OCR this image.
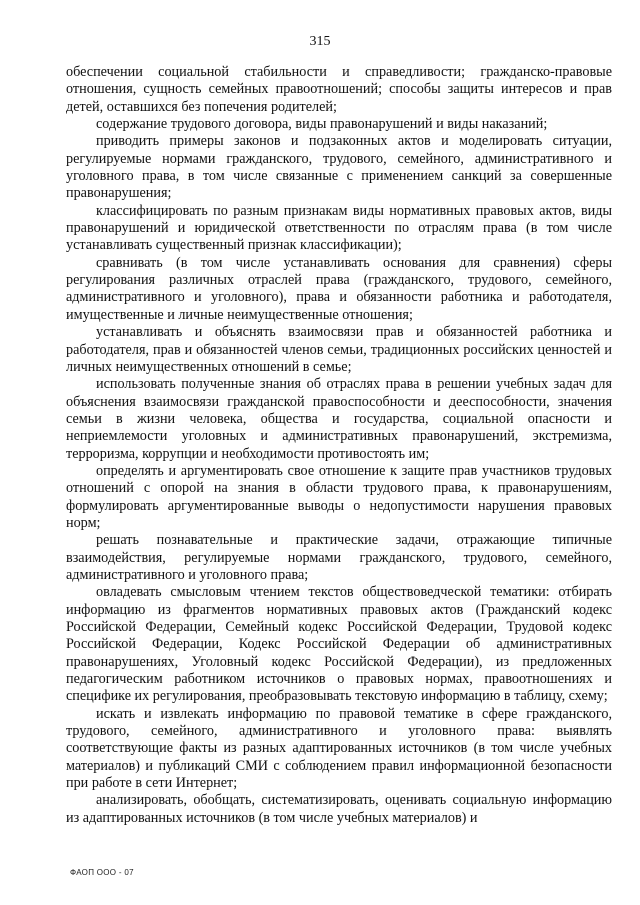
315

обеспечении социальной стабильности и справедливости; гражданско-правовые отношения, сущность семейных правоотношений; способы защиты интересов и прав детей, оставшихся без попечения родителей;

содержание трудового договора, виды правонарушений и виды наказаний;

приводить примеры законов и подзаконных актов и моделировать ситуации, регулируемые нормами гражданского, трудового, семейного, административного и уголовного права, в том числе связанные с применением санкций за совершенные правонарушения;

классифицировать по разным признакам виды нормативных правовых актов, виды правонарушений и юридической ответственности по отраслям права (в том числе устанавливать существенный признак классификации);

сравнивать (в том числе устанавливать основания для сравнения) сферы регулирования различных отраслей права (гражданского, трудового, семейного, административного и уголовного), права и обязанности работника и работодателя, имущественные и личные неимущественные отношения;

устанавливать и объяснять взаимосвязи прав и обязанностей работника и работодателя, прав и обязанностей членов семьи, традиционных российских ценностей и личных неимущественных отношений в семье;

использовать полученные знания об отраслях права в решении учебных задач для объяснения взаимосвязи гражданской правоспособности и дееспособности, значения семьи в жизни человека, общества и государства, социальной опасности и неприемлемости уголовных и административных правонарушений, экстремизма, терроризма, коррупции и необходимости противостоять им;

определять и аргументировать свое отношение к защите прав участников трудовых отношений с опорой на знания в области трудового права, к правонарушениям, формулировать аргументированные выводы о недопустимости нарушения правовых норм;

решать познавательные и практические задачи, отражающие типичные взаимодействия, регулируемые нормами гражданского, трудового, семейного, административного и уголовного права;

овладевать смысловым чтением текстов обществоведческой тематики: отбирать информацию из фрагментов нормативных правовых актов (Гражданский кодекс Российской Федерации, Семейный кодекс Российской Федерации, Трудовой кодекс Российской Федерации, Кодекс Российской Федерации об административных правонарушениях, Уголовный кодекс Российской Федерации), из предложенных педагогическим работником источников о правовых нормах, правоотношениях и специфике их регулирования, преобразовывать текстовую информацию в таблицу, схему;

искать и извлекать информацию по правовой тематике в сфере гражданского, трудового, семейного, административного и уголовного права: выявлять соответствующие факты из разных адаптированных источников (в том числе учебных материалов) и публикаций СМИ с соблюдением правил информационной безопасности при работе в сети Интернет;

анализировать, обобщать, систематизировать, оценивать социальную информацию из адаптированных источников (в том числе учебных материалов) и

ФАОП ООО - 07
